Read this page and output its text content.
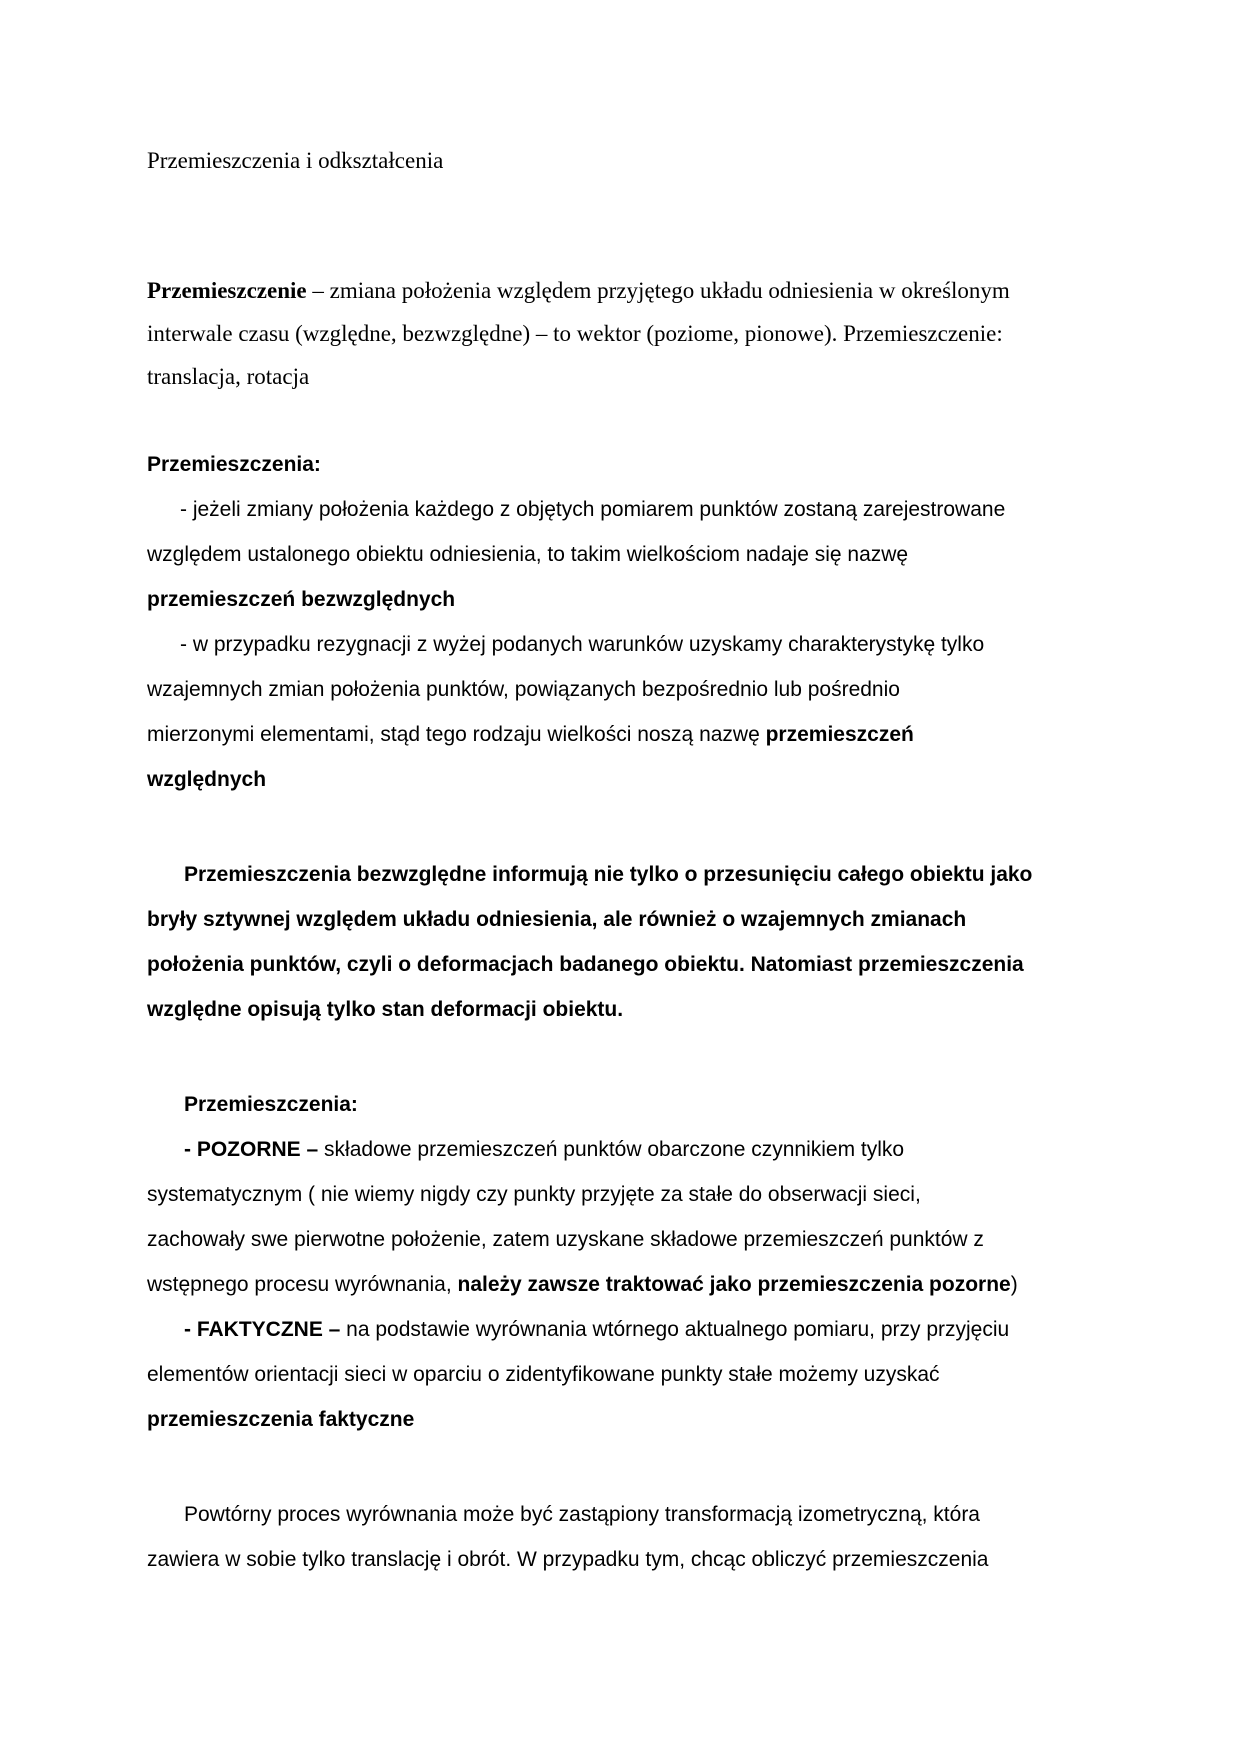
Przemieszczenia i odkształcenia
Przemieszczenie – zmiana położenia względem przyjętego układu odniesienia w określonym
interwale czasu (względne, bezwzględne) – to wektor (poziome, pionowe). Przemieszczenie:
translacja, rotacja
Przemieszczenia:
- jeżeli zmiany położenia każdego z objętych pomiarem punktów zostaną zarejestrowane
względem ustalonego obiektu odniesienia, to takim wielkościom nadaje się nazwę
przemieszczeń bezwzględnych
- w przypadku rezygnacji z wyżej podanych warunków uzyskamy charakterystykę tylko
wzajemnych zmian położenia punktów, powiązanych bezpośrednio lub pośrednio
mierzonymi elementami, stąd tego rodzaju wielkości noszą nazwę przemieszczeń
względnych
Przemieszczenia bezwzględne informują nie tylko o przesunięciu całego obiektu jako
bryły sztywnej względem układu odniesienia, ale również o wzajemnych zmianach
położenia punktów, czyli o deformacjach badanego obiektu. Natomiast przemieszczenia
względne opisują tylko stan deformacji obiektu.
Przemieszczenia:
- POZORNE – składowe przemieszczeń punktów obarczone czynnikiem tylko
systematycznym ( nie wiemy nigdy czy punkty przyjęte za stałe do obserwacji sieci,
zachowały swe pierwotne położenie, zatem uzyskane składowe przemieszczeń punktów z
wstępnego procesu wyrównania, należy zawsze traktować jako przemieszczenia pozorne)
- FAKTYCZNE – na podstawie wyrównania wtórnego aktualnego pomiaru, przy przyjęciu
elementów orientacji sieci w oparciu o zidentyfikowane punkty stałe możemy uzyskać
przemieszczenia faktyczne
Powtórny proces wyrównania może być zastąpiony transformacją izometryczną, która
zawiera w sobie tylko translację i obrót. W przypadku tym, chcąc obliczyć przemieszczenia
